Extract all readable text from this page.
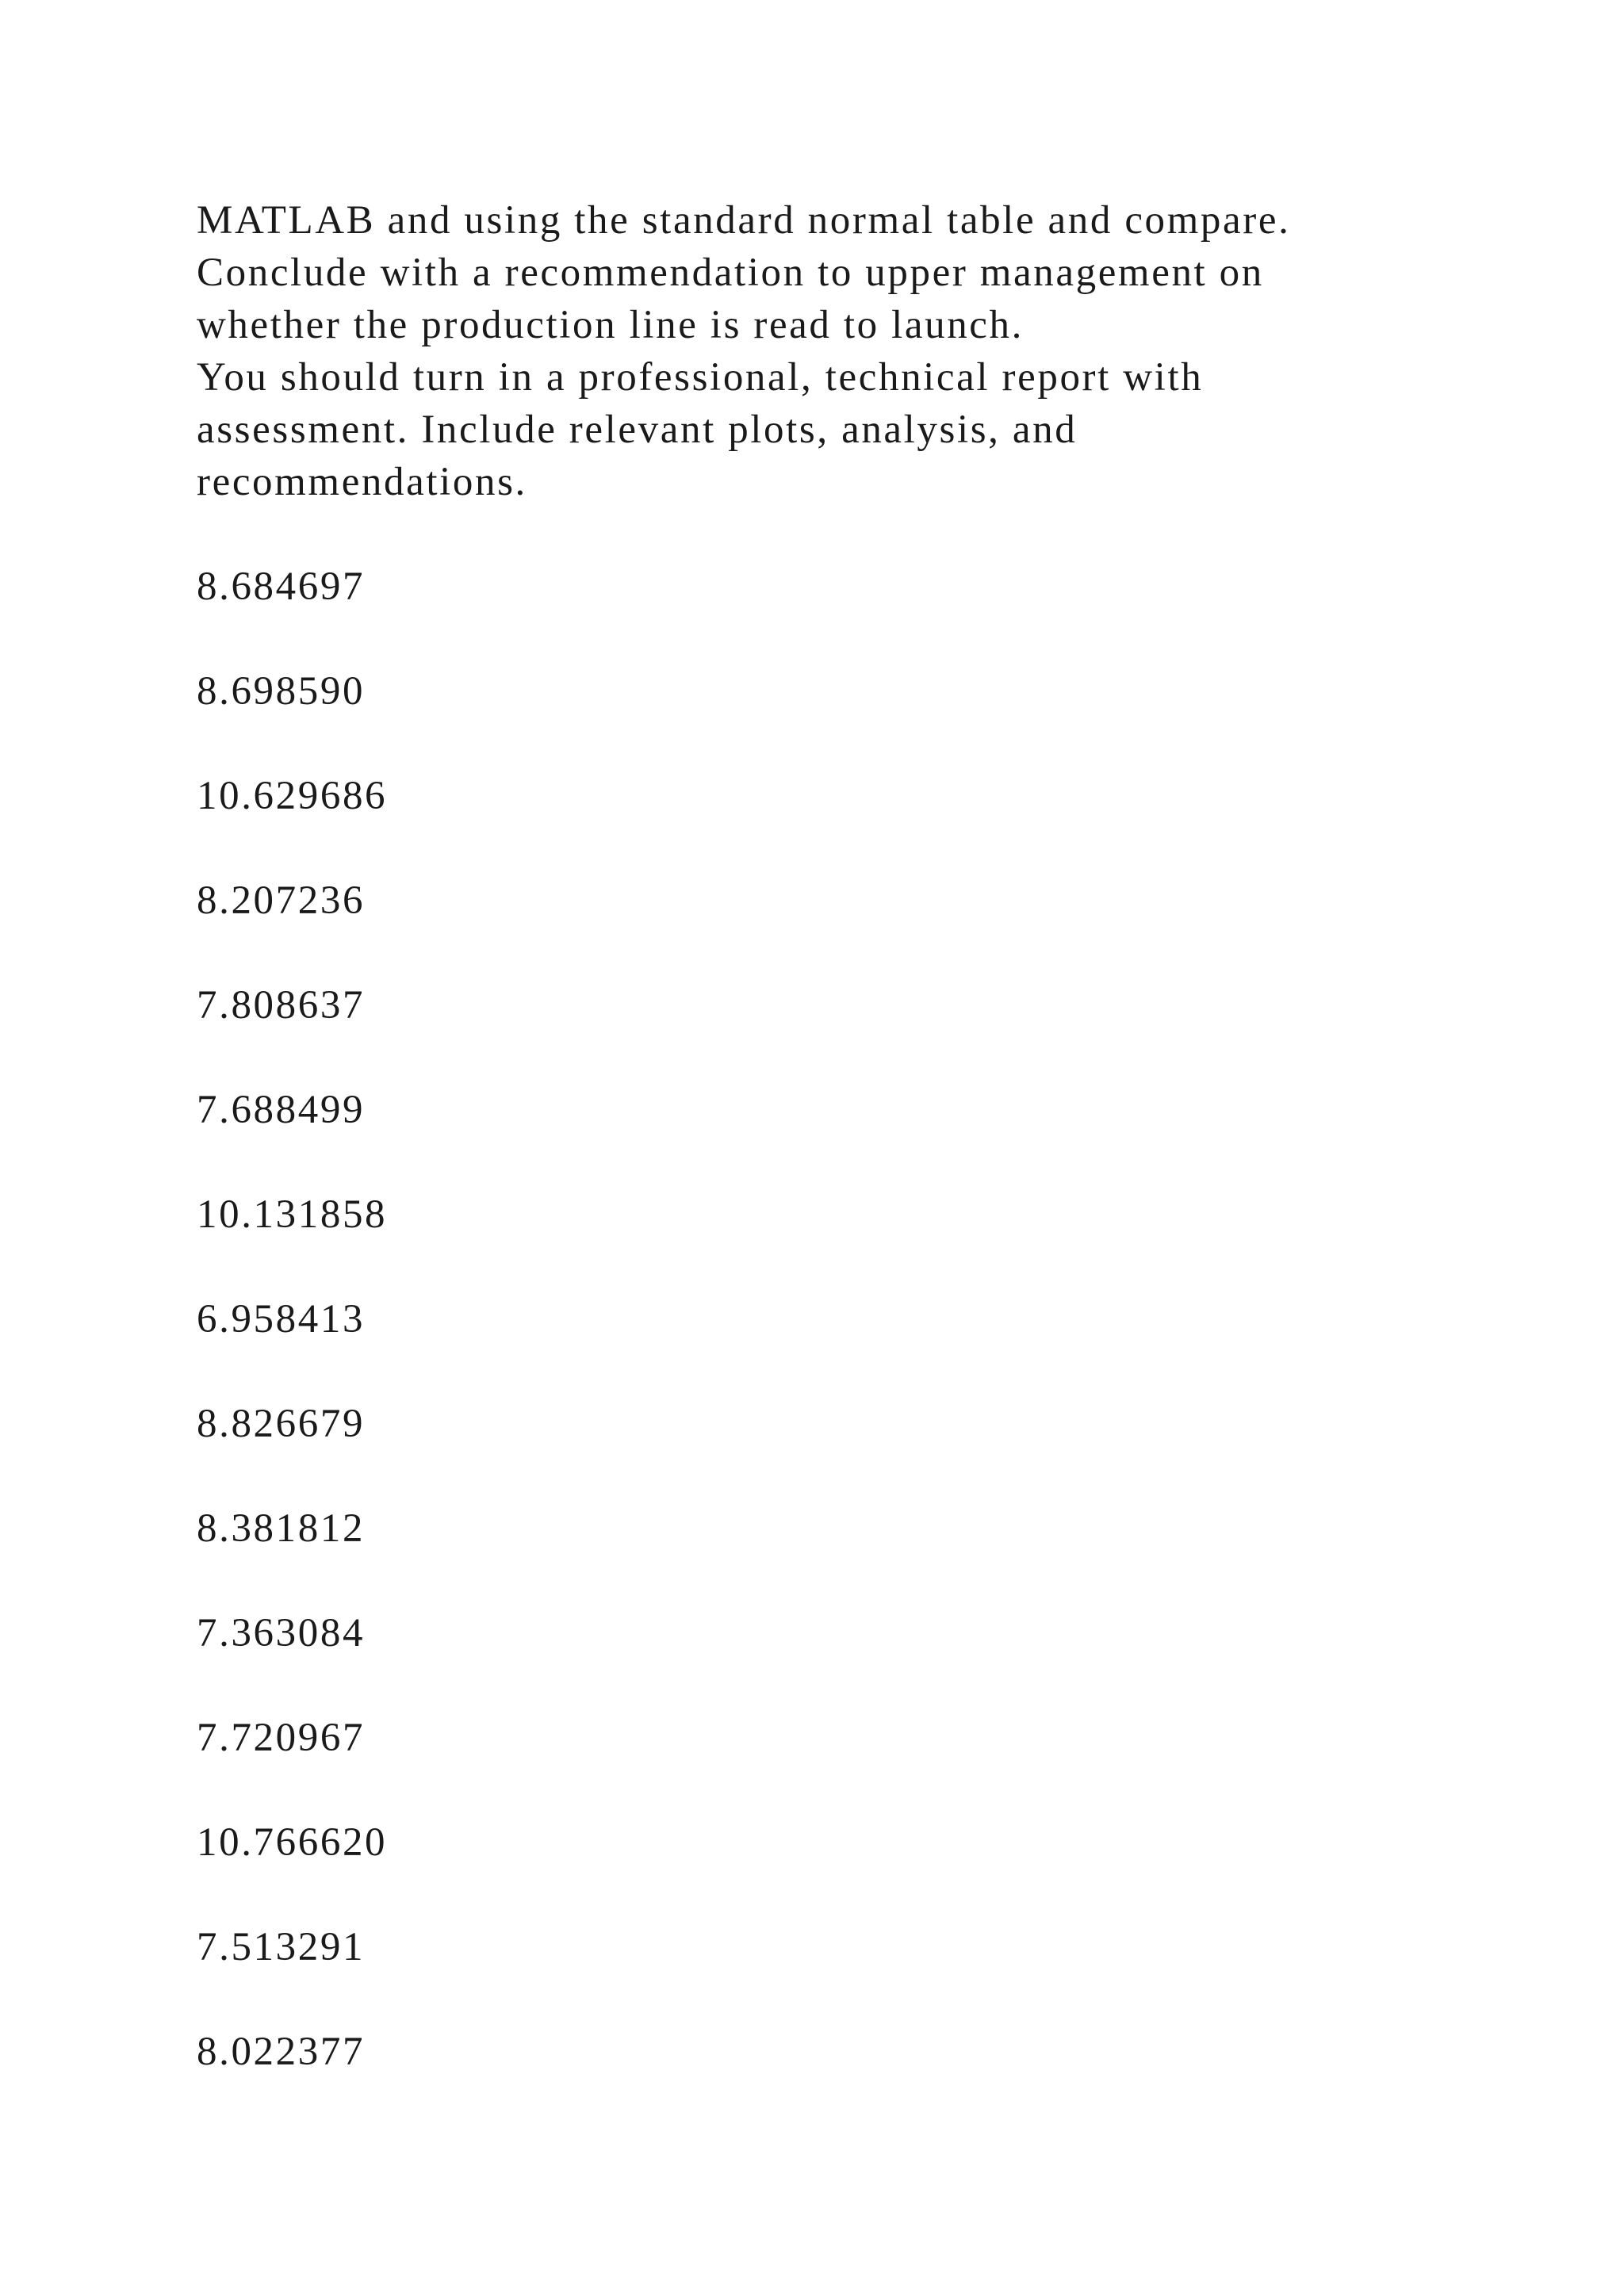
MATLAB and using the standard normal table and compare.
Conclude with a recommendation to upper management on
whether the production line is read to launch.
You should turn in a professional, technical report with
assessment. Include relevant plots, analysis, and
recommendations.

8.684697
8.698590
10.629686
8.207236
7.808637
7.688499
10.131858
6.958413
8.826679
8.381812
7.363084
7.720967
10.766620
7.513291
8.022377
